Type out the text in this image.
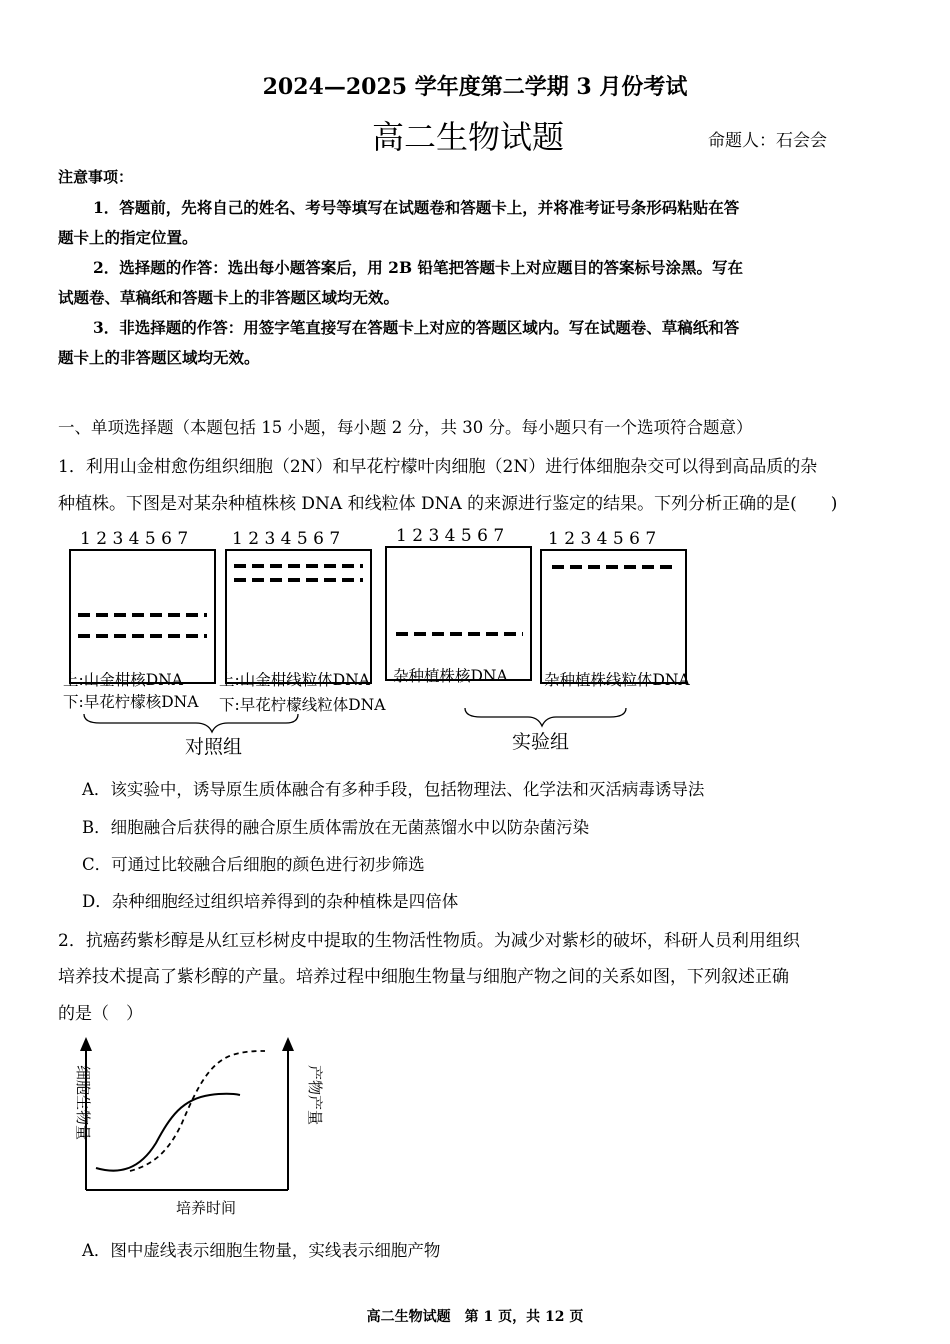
2024—2025 学年度第二学期 3 月份考试
高二生物试题	命题人：石会会
注意事项：
1．答题前，先将自己的姓名、考号等填写在试题卷和答题卡上，并将准考证号条形码粘贴在答
题卡上的指定位置。
2．选择题的作答：选出每小题答案后，用 2B 铅笔把答题卡上对应题目的答案标号涂黑。写在
试题卷、草稿纸和答题卡上的非答题区域均无效。
3．非选择题的作答：用签字笔直接写在答题卡上对应的答题区域内。写在试题卷、草稿纸和答
题卡上的非答题区域均无效。
一、单项选择题（本题包括 15 小题，每小题 2 分，共 30 分。每小题只有一个选项符合题意）
1．利用山金柑愈伤组织细胞（2N）和早花柠檬叶肉细胞（2N）进行体细胞杂交可以得到高品质的杂
种植株。下图是对某杂种植株核 DNA 和线粒体 DNA 的来源进行鉴定的结果。下列分析正确的是(　　)
1 2 3 4 5 6 7	1 2 3 4 5 6 7	1 2 3 4 5 6 7	1 2 3 4 5 6 7
上:山金柑核DNA
下:早花柠檬核DNA
上:山金柑线粒体DNA
下:早花柠檬线粒体DNA
杂种植株核DNA 杂种植株线粒体DNA
对照组	实验组
A．该实验中，诱导原生质体融合有多种手段，包括物理法、化学法和灭活病毒诱导法
B．细胞融合后获得的融合原生质体需放在无菌蒸馏水中以防杂菌污染
C．可通过比较融合后细胞的颜色进行初步筛选
D．杂种细胞经过组织培养得到的杂种植株是四倍体
2．抗癌药紫杉醇是从红豆杉树皮中提取的生物活性物质。为减少对紫杉的破坏，科研人员利用组织
培养技术提高了紫杉醇的产量。培养过程中细胞生物量与细胞产物之间的关系如图，下列叙述正确
的是（　）
细胞生物量	产物产量
培养时间
A．图中虚线表示细胞生物量，实线表示细胞产物
高二生物试题　第 1 页，共 12 页
